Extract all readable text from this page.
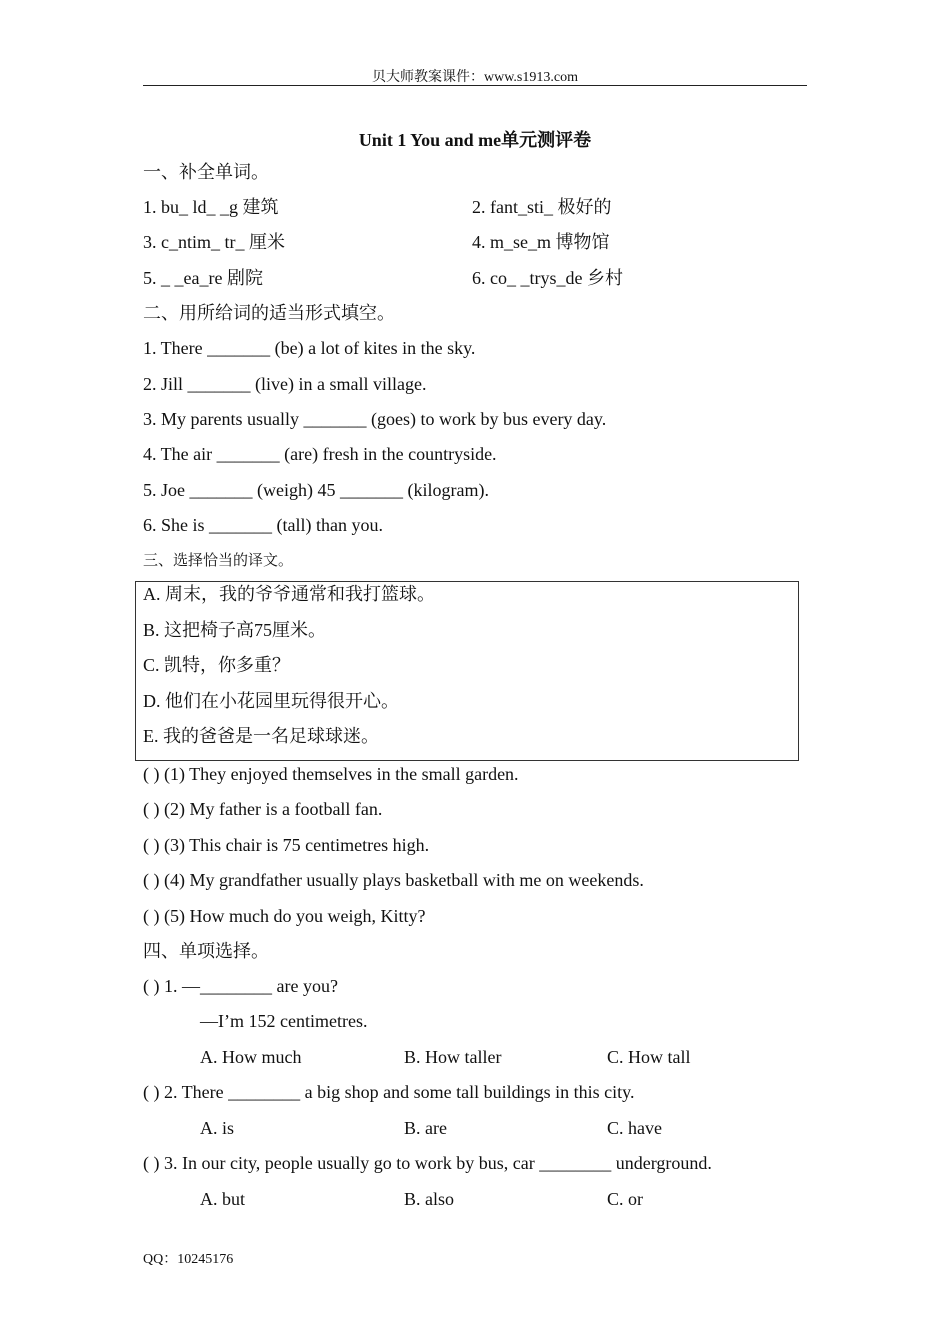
贝大师教案课件：www.s1913.com
Unit 1 You and me单元测评卷
一、补全单词。
1. bu_ ld_ _g 建筑	2. fant_sti_ 极好的
3. c_ntim_ tr_ 厘米	4. m_se_m 博物馆
5. _ _ea_re 剧院	6. co_ _trys_de 乡村
二、用所给词的适当形式填空。
1. There _______ (be) a lot of kites in the sky.
2. Jill _______ (live) in a small village.
3. My parents usually _______ (goes) to work by bus every day.
4. The air _______ (are) fresh in the countryside.
5. Joe _______ (weigh) 45 _______ (kilogram).
6. She is _______ (tall) than you.
三、选择恰当的译文。
A. 周末，我的爷爷通常和我打篮球。
B. 这把椅子高75厘米。
C. 凯特，你多重？
D. 他们在小花园里玩得很开心。
E. 我的爸爸是一名足球球迷。
( ) (1) They enjoyed themselves in the small garden.
( ) (2) My father is a football fan.
( ) (3) This chair is 75 centimetres high.
( ) (4) My grandfather usually plays basketball with me on weekends.
( ) (5) How much do you weigh, Kitty?
四、单项选择。
( ) 1. —________ are you?
—I’m 152 centimetres.
A. How much	B. How taller	C. How tall
( ) 2. There ________ a big shop and some tall buildings in this city.
A. is	B. are	C. have
( ) 3. In our city, people usually go to work by bus, car ________ underground.
A. but	B. also	C. or
QQ：10245176
